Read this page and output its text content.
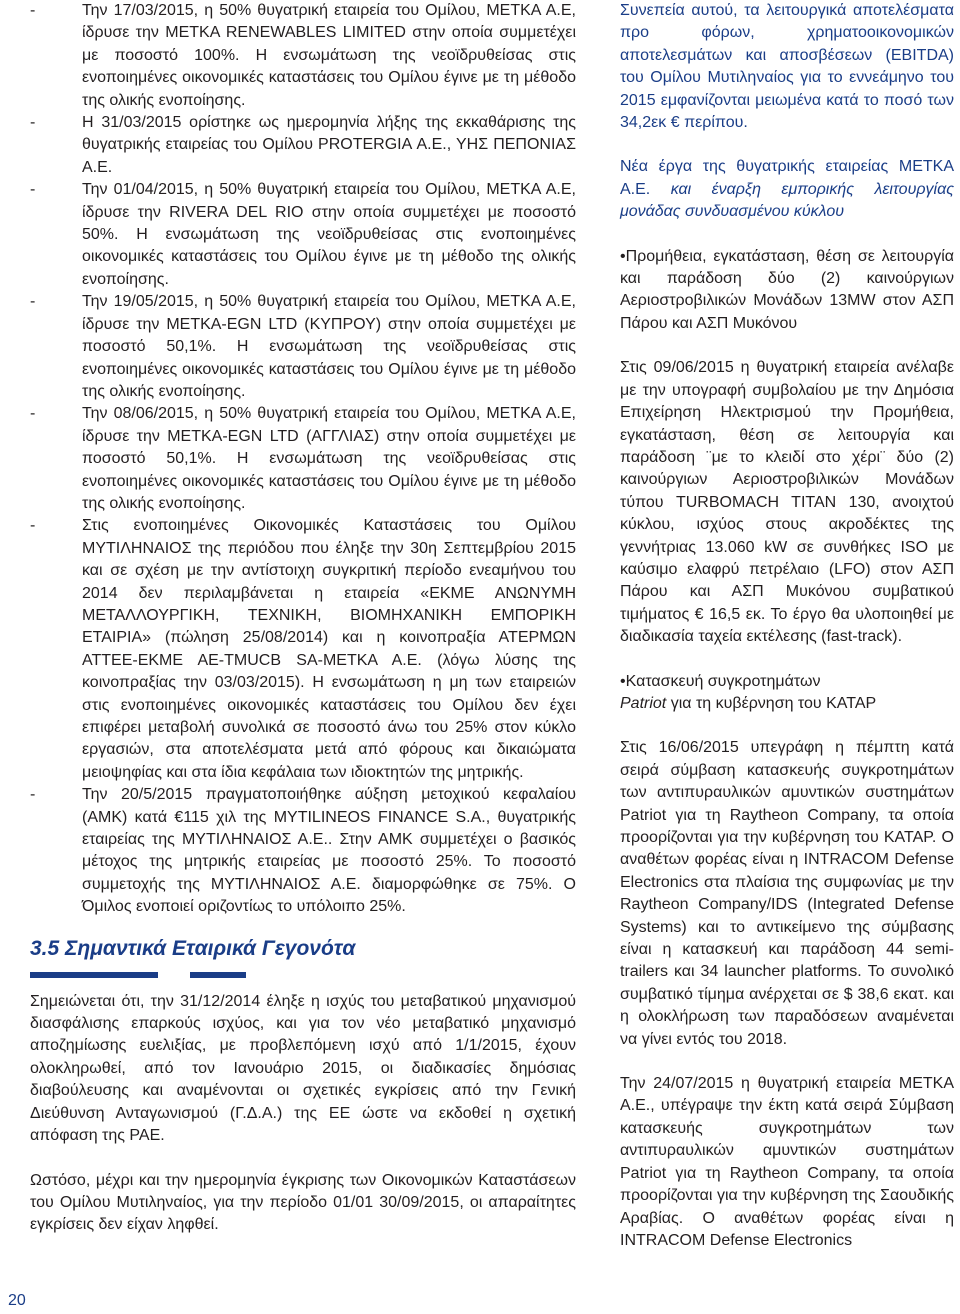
-	Την 17/03/2015, η 50% θυγατρική εταιρεία του Ομίλου, ΜΕΤΚΑ Α.Ε, ίδρυσε την ΜΕΤΚΑ RENEWABLES LIMITED στην οποία συμμετέχει με ποσοστό 100%. Η ενσωμάτωση της νεοϊδρυθείσας στις ενοποιημένες οικονομικές καταστάσεις του Ομίλου έγινε με τη μέθοδο της ολικής ενοποίησης.

-	Η 31/03/2015 ορίστηκε ως ημερομηνία λήξης της εκκαθάρισης της θυγατρικής εταιρείας του Ομίλου PROTERGIA Α.Ε., ΥΗΣ ΠΕΠΟΝΙΑΣ Α.Ε.

-	Την 01/04/2015, η 50% θυγατρική εταιρεία του Ομίλου, ΜΕΤΚΑ Α.Ε, ίδρυσε την RIVERA DEL RIO στην οποία συμμετέχει με ποσοστό 50%. Η ενσωμάτωση της νεοϊδρυθείσας στις ενοποιημένες οικονομικές καταστάσεις του Ομίλου έγινε με τη μέθοδο της ολικής ενοποίησης.

-	Την 19/05/2015, η 50% θυγατρική εταιρεία του Ομίλου, ΜΕΤΚΑ Α.Ε, ίδρυσε την ΜΕΤΚΑ-EGN LTD (ΚΥΠΡΟΥ) στην οποία συμμετέχει με ποσοστό 50,1%. Η ενσωμάτωση της νεοϊδρυθείσας στις ενοποιημένες οικονομικές καταστάσεις του Ομίλου έγινε με τη μέθοδο της ολικής ενοποίησης.

-	Την 08/06/2015, η 50% θυγατρική εταιρεία του Ομίλου, ΜΕΤΚΑ Α.Ε, ίδρυσε την ΜΕΤΚΑ-EGN LTD (ΑΓΓΛΙΑΣ) στην οποία συμμετέχει με ποσοστό 50,1%. Η ενσωμάτωση της νεοϊδρυθείσας στις ενοποιημένες οικονομικές καταστάσεις του Ομίλου έγινε με τη μέθοδο της ολικής ενοποίησης.

-	Στις ενοποιημένες Οικονομικές Καταστάσεις του Ομίλου ΜΥΤΙΛΗΝΑΙΟΣ της περιόδου που έληξε την 30η Σεπτεμβρίου 2015 και σε σχέση με την αντίστοιχη συγκριτική περίοδο ενεαμήνου του 2014 δεν περιλαμβάνεται η εταιρεία «ΕΚΜΕ ΑΝΩΝΥΜΗ ΜΕΤΑΛΛΟΥΡΓΙΚΗ, ΤΕΧΝΙΚΗ, ΒΙΟΜΗΧΑΝΙΚΗ ΕΜΠΟΡΙΚΗ ΕΤΑΙΡΙΑ» (πώληση 25/08/2014) και η κοινοπραξία ΑΤΕΡΜΩΝ ΑΤΤΕΕ-ΕΚΜΕ ΑΕ-TMUCB SA-ΜΕΤΚΑ Α.Ε. (λόγω λύσης της κοινοπραξίας την 03/03/2015). Η ενσωμάτωση η μη των εταιρειών στις ενοποιημένες οικονομικές καταστάσεις του Ομίλου δεν έχει επιφέρει μεταβολή συνολικά σε ποσοστό άνω του 25% στον κύκλο εργασιών, στα αποτελέσματα μετά από φόρους και δικαιώματα μειοψηφίας και στα ίδια κεφάλαια των ιδιοκτητών της μητρικής.

-	Την 20/5/2015 πραγματοποιήθηκε αύξηση μετοχικού κεφαλαίου (ΑΜΚ) κατά €115 χιλ της MYTILINEOS FINANCE S.A., θυγατρικής εταιρείας της ΜΥΤΙΛΗΝΑΙΟΣ Α.Ε.. Στην ΑΜΚ συμμετέχει ο βασικός μέτοχος της μητρικής εταιρείας με ποσοστό 25%. Το ποσοστό συμμετοχής της ΜΥΤΙΛΗΝΑΙΟΣ Α.Ε. διαμορφώθηκε σε 75%. Ο Όμιλος ενοποιεί οριζοντίως το υπόλοιπο 25%.

3.5 Σημαντικά Εταιρικά Γεγονότα

Σημειώνεται ότι, την 31/12/2014 έληξε η ισχύς του μεταβατικού μηχανισμού διασφάλισης επαρκούς ισχύος, και για τον νέο μεταβατικό μηχανισμό αποζημίωσης ευελιξίας, με προβλεπόμενη ισχύ από 1/1/2015, έχουν ολοκληρωθεί, από τον Ιανουάριο 2015, οι διαδικασίες δημόσιας διαβούλευσης και αναμένονται οι σχετικές εγκρίσεις από την Γενική Διεύθυνση Ανταγωνισμού (Γ.Δ.Α.) της ΕΕ ώστε να εκδοθεί η σχετική απόφαση της ΡΑΕ.

Ωστόσο, μέχρι και την ημερομηνία έγκρισης των Οικονομικών Καταστάσεων του Ομίλου Μυτιληναίος, για την περίοδο 01/01 30/09/2015, οι απαραίτητες εγκρίσεις δεν είχαν ληφθεί.

Συνεπεία αυτού, τα λειτουργικά αποτελέσματα προ φόρων, χρηματοοικονομικών αποτελεσμάτων και αποσβέσεων (EBITDA) του Ομίλου Μυτιληναίος για το εννεάμηνο του 2015 εμφανίζονται μειωμένα κατά το ποσό των 34,2εκ € περίπου.

Νέα έργα της θυγατρικής εταιρείας ΜΕΤΚΑ Α.Ε. και έναρξη εμπορικής λειτουργίας μονάδας συνδυασμένου κύκλου

•Προμήθεια, εγκατάσταση, θέση σε λειτουργία και παράδοση δύο (2) καινούργιων Αεριοστροβιλικών Μονάδων 13MW στον ΑΣΠ Πάρου και ΑΣΠ Μυκόνου

Στις 09/06/2015 η θυγατρική εταιρεία ανέλαβε με την υπογραφή συμβολαίου με την Δημόσια Επιχείρηση Ηλεκτρισμού την Προμήθεια, εγκατάσταση, θέση σε λειτουργία και παράδοση ¨με το κλειδί στο χέρι¨ δύο (2) καινούργιων Αεριοστροβιλικών Μονάδων τύπου TURBOMACH TITAN 130, ανοιχτού κύκλου, ισχύος στους ακροδέκτες της γεννήτριας 13.060 kW σε συνθήκες ISO με καύσιμο ελαφρύ πετρέλαιο (LFO) στον ΑΣΠ Πάρου και ΑΣΠ Μυκόνου συμβατικού τιμήματος € 16,5 εκ. Το έργο θα υλοποιηθεί με διαδικασία ταχεία εκτέλεσης (fast-track).

•Κατασκευή συγκροτημάτων
Patriot για τη κυβέρνηση του ΚΑΤΑΡ

Στις 16/06/2015 υπεγράφη η πέμπτη κατά σειρά σύμβαση κατασκευής συγκροτημάτων των αντιπυραυλικών αμυντικών συστημάτων Patriot για τη Raytheon Company, τα οποία προορίζονται για την κυβέρνηση του ΚΑΤΑΡ. Ο αναθέτων φορέας είναι η INTRACOM Defense Electronics στα πλαίσια της συμφωνίας με την Raytheon Company/IDS (Integrated Defense Systems) και το αντικείμενο της σύμβασης είναι η κατασκευή και παράδοση 44 semi-trailers και 34 launcher platforms. Το συνολικό συμβατικό τίμημα ανέρχεται σε $ 38,6 εκατ. και η ολοκλήρωση των παραδόσεων αναμένεται να γίνει εντός του 2018.

Την 24/07/2015 η θυγατρική εταιρεία ΜΕΤΚΑ Α.Ε., υπέγραψε την έκτη κατά σειρά Σύμβαση κατασκευής συγκροτημάτων των αντιπυραυλικών αμυντικών συστημάτων Patriot για τη Raytheon Company, τα οποία προορίζονται για την κυβέρνηση της Σαουδικής Αραβίας. Ο αναθέτων φορέας είναι η INTRACOM Defense Electronics

20
